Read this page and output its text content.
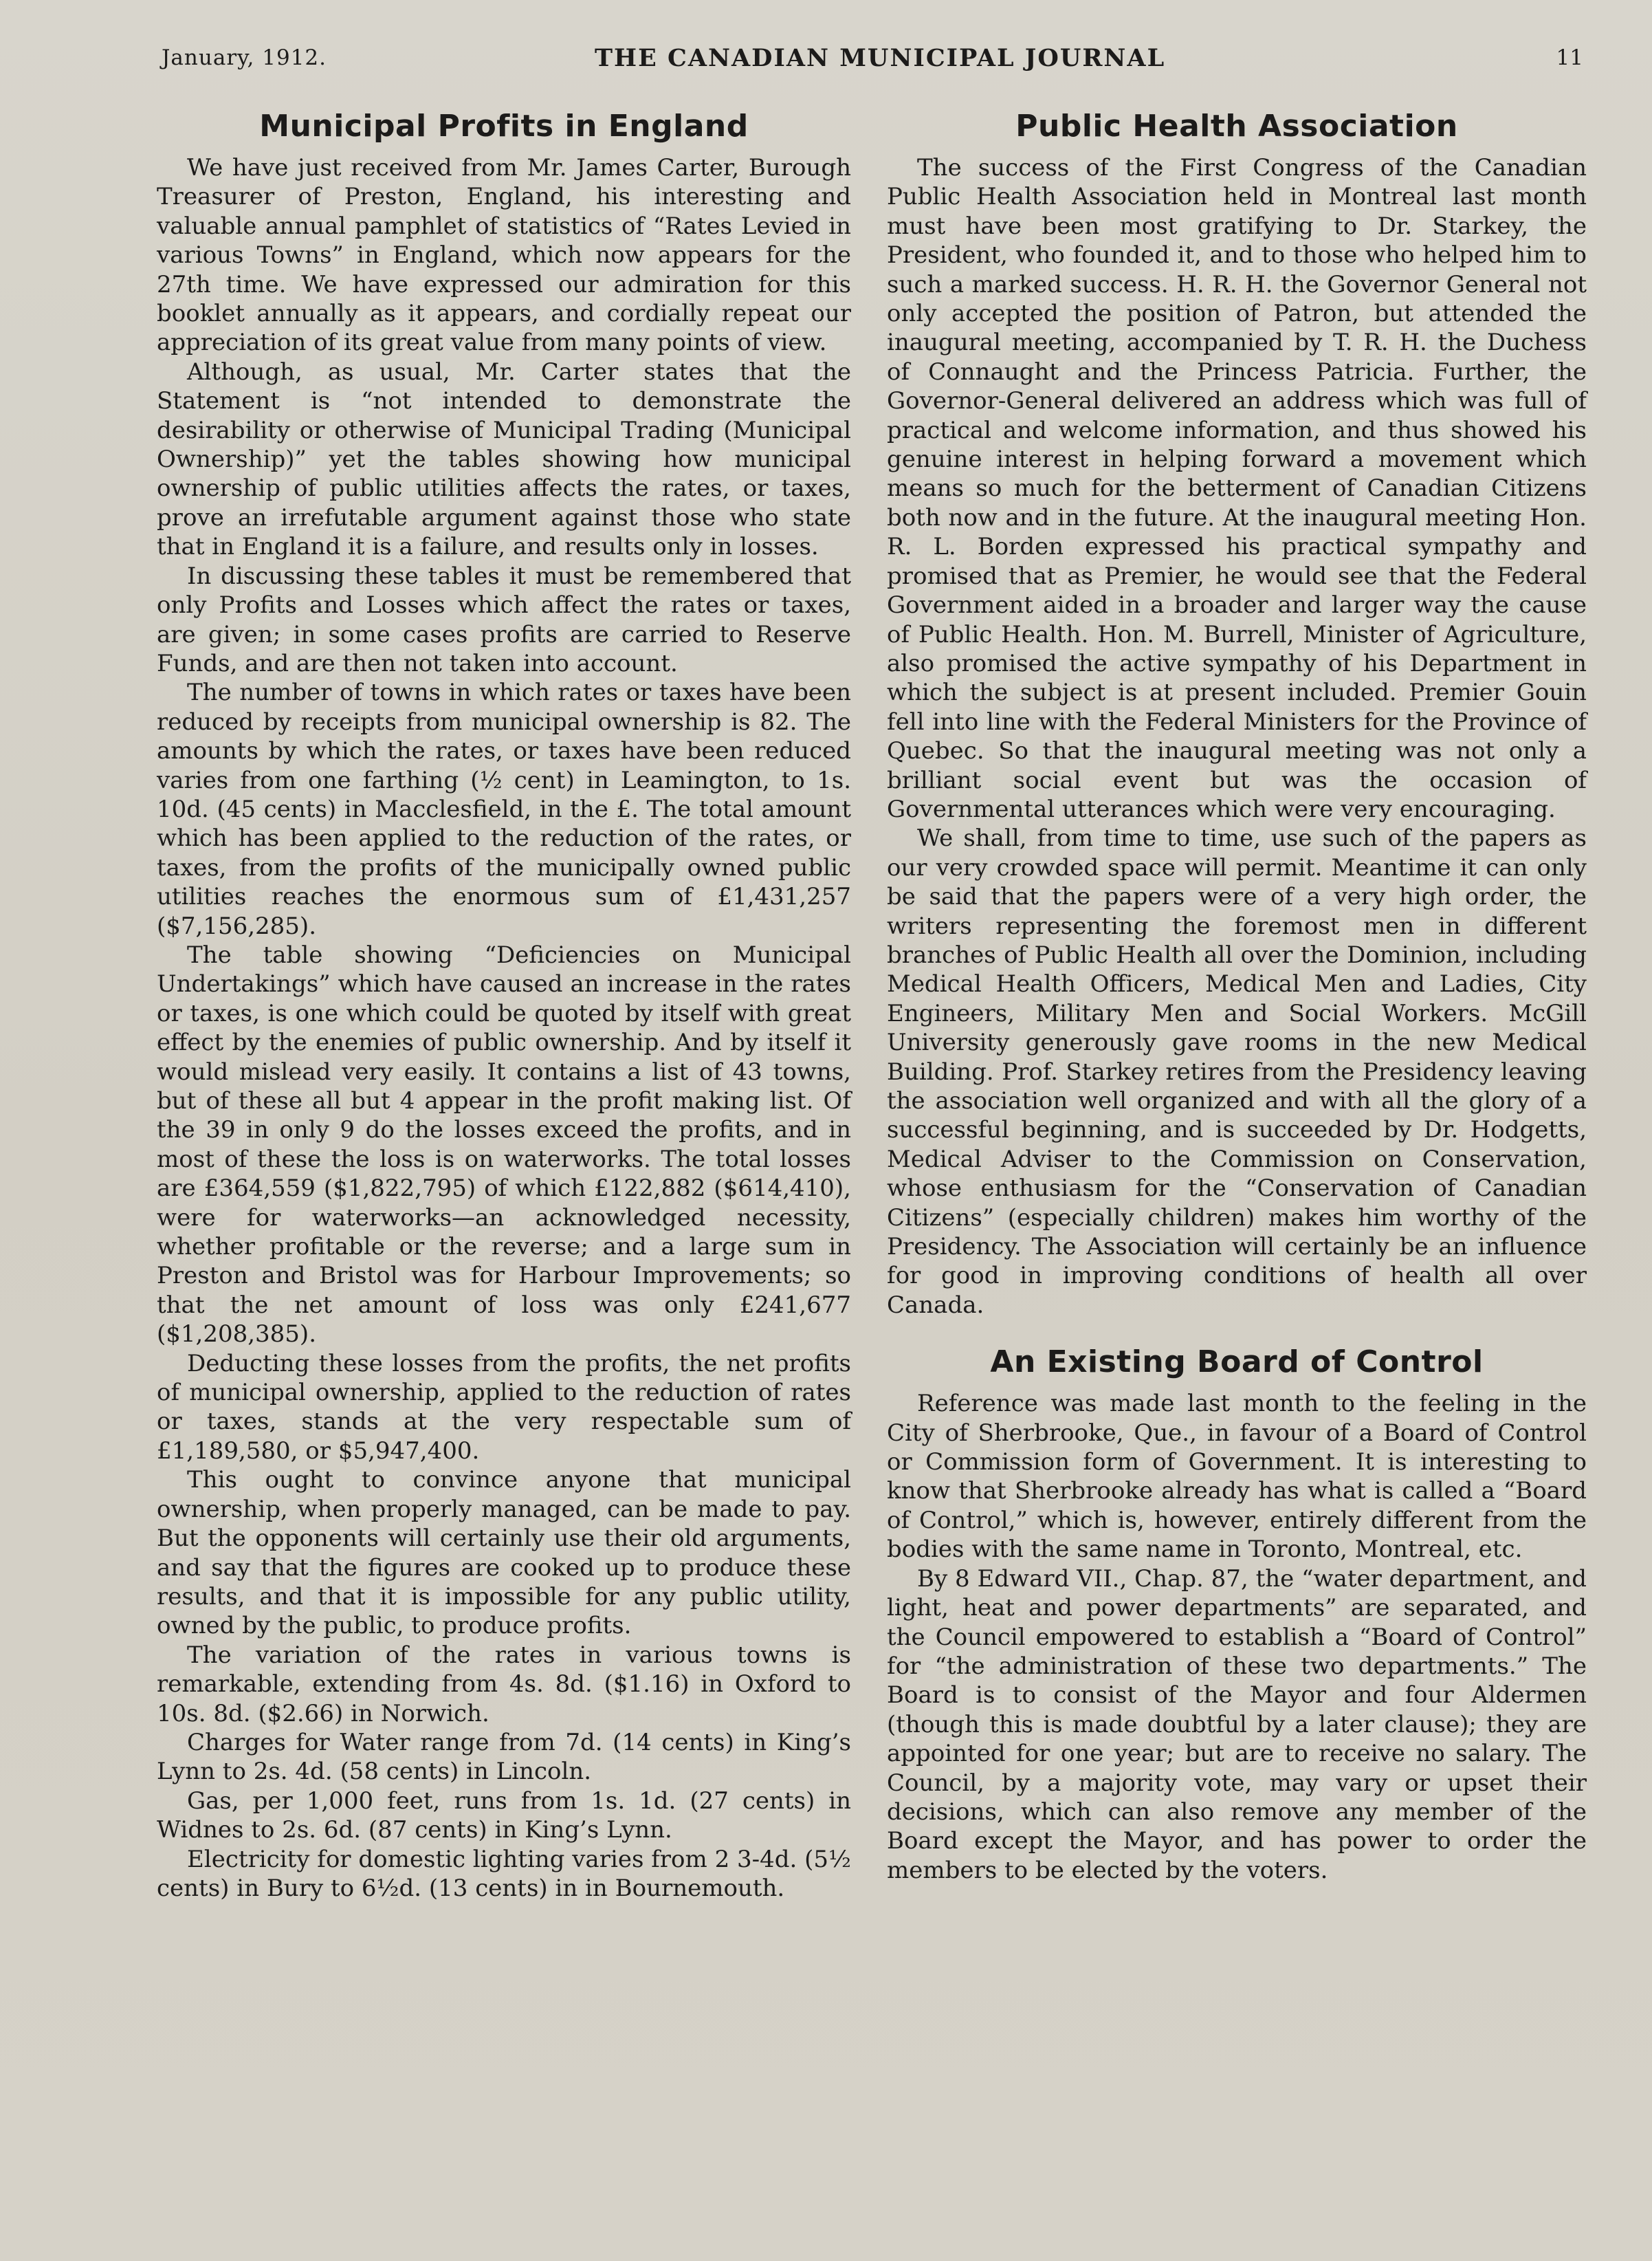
January, 1912.	THE CANADIAN MUNICIPAL JOURNAL	11
Municipal Profits in England

We have just received from Mr. James Carter, Burough Treasurer of Preston, England, his interesting and valuable annual pamphlet of statistics of “Rates Levied in various Towns” in England, which now appears for the 27th time. We have expressed our admiration for this booklet annually as it appears, and cordially repeat our appreciation of its great value from many points of view.

Although, as usual, Mr. Carter states that the Statement is “not intended to demonstrate the desirability or otherwise of Municipal Trading (Municipal Ownership)” yet the tables showing how municipal ownership of public utilities affects the rates, or taxes, prove an irrefutable argument against those who state that in England it is a failure, and results only in losses.

In discussing these tables it must be remembered that only Profits and Losses which affect the rates or taxes, are given; in some cases profits are carried to Reserve Funds, and are then not taken into account.

The number of towns in which rates or taxes have been reduced by receipts from municipal ownership is 82. The amounts by which the rates, or taxes have been reduced varies from one farthing (½ cent) in Leamington, to 1s. 10d. (45 cents) in Macclesfield, in the £. The total amount which has been applied to the reduction of the rates, or taxes, from the profits of the municipally owned public utilities reaches the enormous sum of £1,431,257 ($7,156,285).

The table showing “Deficiencies on Municipal Undertakings” which have caused an increase in the rates or taxes, is one which could be quoted by itself with great effect by the enemies of public ownership. And by itself it would mislead very easily. It contains a list of 43 towns, but of these all but 4 appear in the profit making list. Of the 39 in only 9 do the losses exceed the profits, and in most of these the loss is on waterworks. The total losses are £364,559 ($1,822,795) of which £122,882 ($614,410), were for waterworks—an acknowledged necessity, whether profitable or the reverse; and a large sum in Preston and Bristol was for Harbour Improvements; so that the net amount of loss was only £241,677 ($1,208,385).

Deducting these losses from the profits, the net profits of municipal ownership, applied to the reduction of rates or taxes, stands at the very respectable sum of £1,189,580, or $5,947,400.

This ought to convince anyone that municipal ownership, when properly managed, can be made to pay. But the opponents will certainly use their old arguments, and say that the figures are cooked up to produce these results, and that it is impossible for any public utility, owned by the public, to produce profits.

The variation of the rates in various towns is remarkable, extending from 4s. 8d. ($1.16) in Oxford to 10s. 8d. ($2.66) in Norwich.

Charges for Water range from 7d. (14 cents) in King’s Lynn to 2s. 4d. (58 cents) in Lincoln.

Gas, per 1,000 feet, runs from 1s. 1d. (27 cents) in Widnes to 2s. 6d. (87 cents) in King’s Lynn.

Electricity for domestic lighting varies from 2 3-4d. (5½ cents) in Bury to 6½d. (13 cents) in in Bournemouth.

Public Health Association

The success of the First Congress of the Canadian Public Health Association held in Montreal last month must have been most gratifying to Dr. Starkey, the President, who founded it, and to those who helped him to such a marked success. H. R. H. the Governor General not only accepted the position of Patron, but attended the inaugural meeting, accompanied by T. R. H. the Duchess of Connaught and the Princess Patricia. Further, the Governor-General delivered an address which was full of practical and welcome information, and thus showed his genuine interest in helping forward a movement which means so much for the betterment of Canadian Citizens both now and in the future. At the inaugural meeting Hon. R. L. Borden expressed his practical sympathy and promised that as Premier, he would see that the Federal Government aided in a broader and larger way the cause of Public Health. Hon. M. Burrell, Minister of Agriculture, also promised the active sympathy of his Department in which the subject is at present included. Premier Gouin fell into line with the Federal Ministers for the Province of Quebec. So that the inaugural meeting was not only a brilliant social event but was the occasion of Governmental utterances which were very encouraging.

We shall, from time to time, use such of the papers as our very crowded space will permit. Meantime it can only be said that the papers were of a very high order, the writers representing the foremost men in different branches of Public Health all over the Dominion, including Medical Health Officers, Medical Men and Ladies, City Engineers, Military Men and Social Workers. McGill University generously gave rooms in the new Medical Building. Prof. Starkey retires from the Presidency leaving the association well organized and with all the glory of a successful beginning, and is succeeded by Dr. Hodgetts, Medical Adviser to the Commission on Conservation, whose enthusiasm for the “Conservation of Canadian Citizens” (especially children) makes him worthy of the Presidency. The Association will certainly be an influence for good in improving conditions of health all over Canada.

An Existing Board of Control

Reference was made last month to the feeling in the City of Sherbrooke, Que., in favour of a Board of Control or Commission form of Government. It is interesting to know that Sherbrooke already has what is called a “Board of Control,” which is, however, entirely different from the bodies with the same name in Toronto, Montreal, etc.

By 8 Edward VII., Chap. 87, the “water department, and light, heat and power departments” are separated, and the Council empowered to establish a “Board of Control” for “the administration of these two departments.” The Board is to consist of the Mayor and four Aldermen (though this is made doubtful by a later clause); they are appointed for one year; but are to receive no salary. The Council, by a majority vote, may vary or upset their decisions, which can also remove any member of the Board except the Mayor, and has power to order the members to be elected by the voters.
